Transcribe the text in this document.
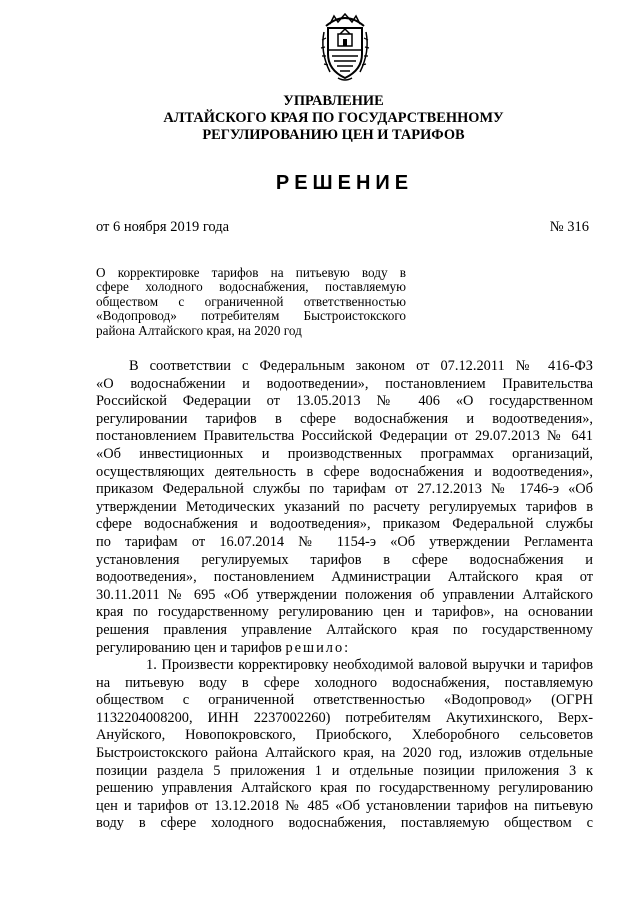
УПРАВЛЕНИЕ
АЛТАЙСКОГО КРАЯ ПО ГОСУДАРСТВЕННОМУ
РЕГУЛИРОВАНИЮ ЦЕН И ТАРИФОВ
РЕШЕНИЕ
от 6 ноября 2019 года	№ 316
О корректировке тарифов на питьевую воду в
сфере холодного водоснабжения, поставляемую
обществом с ограниченной ответственностью
«Водопровод» потребителям Быстроистокского
района Алтайского края, на 2020 год
В соответствии с Федеральным законом от 07.12.2011 № 416-ФЗ
«О водоснабжении и водоотведении», постановлением Правительства
Российской Федерации от 13.05.2013 № 406 «О государственном
регулировании тарифов в сфере водоснабжения и водоотведения»,
постановлением Правительства Российской Федерации от 29.07.2013 № 641
«Об инвестиционных и производственных программах организаций,
осуществляющих деятельность в сфере водоснабжения и водоотведения»,
приказом Федеральной службы по тарифам от 27.12.2013 № 1746-э «Об
утверждении Методических указаний по расчету регулируемых тарифов в
сфере водоснабжения и водоотведения», приказом Федеральной службы
по тарифам от 16.07.2014 № 1154-э «Об утверждении Регламента
установления регулируемых тарифов в сфере водоснабжения и
водоотведения», постановлением Администрации Алтайского края от
30.11.2011 № 695 «Об утверждении положения об управлении Алтайского
края по государственному регулированию цен и тарифов», на основании
решения правления управление Алтайского края по государственному
регулированию цен и тарифов решило:
1. Произвести корректировку необходимой валовой выручки и тарифов
на питьевую воду в сфере холодного водоснабжения, поставляемую
обществом с ограниченной ответственностью «Водопровод» (ОГРН
1132204008200, ИНН 2237002260) потребителям Акутихинского, Верх-
Ануйского, Новопокровского, Приобского, Хлеборобного сельсоветов
Быстроистокского района Алтайского края, на 2020 год, изложив отдельные
позиции раздела 5 приложения 1 и отдельные позиции приложения 3 к
решению управления Алтайского края по государственному регулированию
цен и тарифов от 13.12.2018 № 485 «Об установлении тарифов на питьевую
воду в сфере холодного водоснабжения, поставляемую обществом с
